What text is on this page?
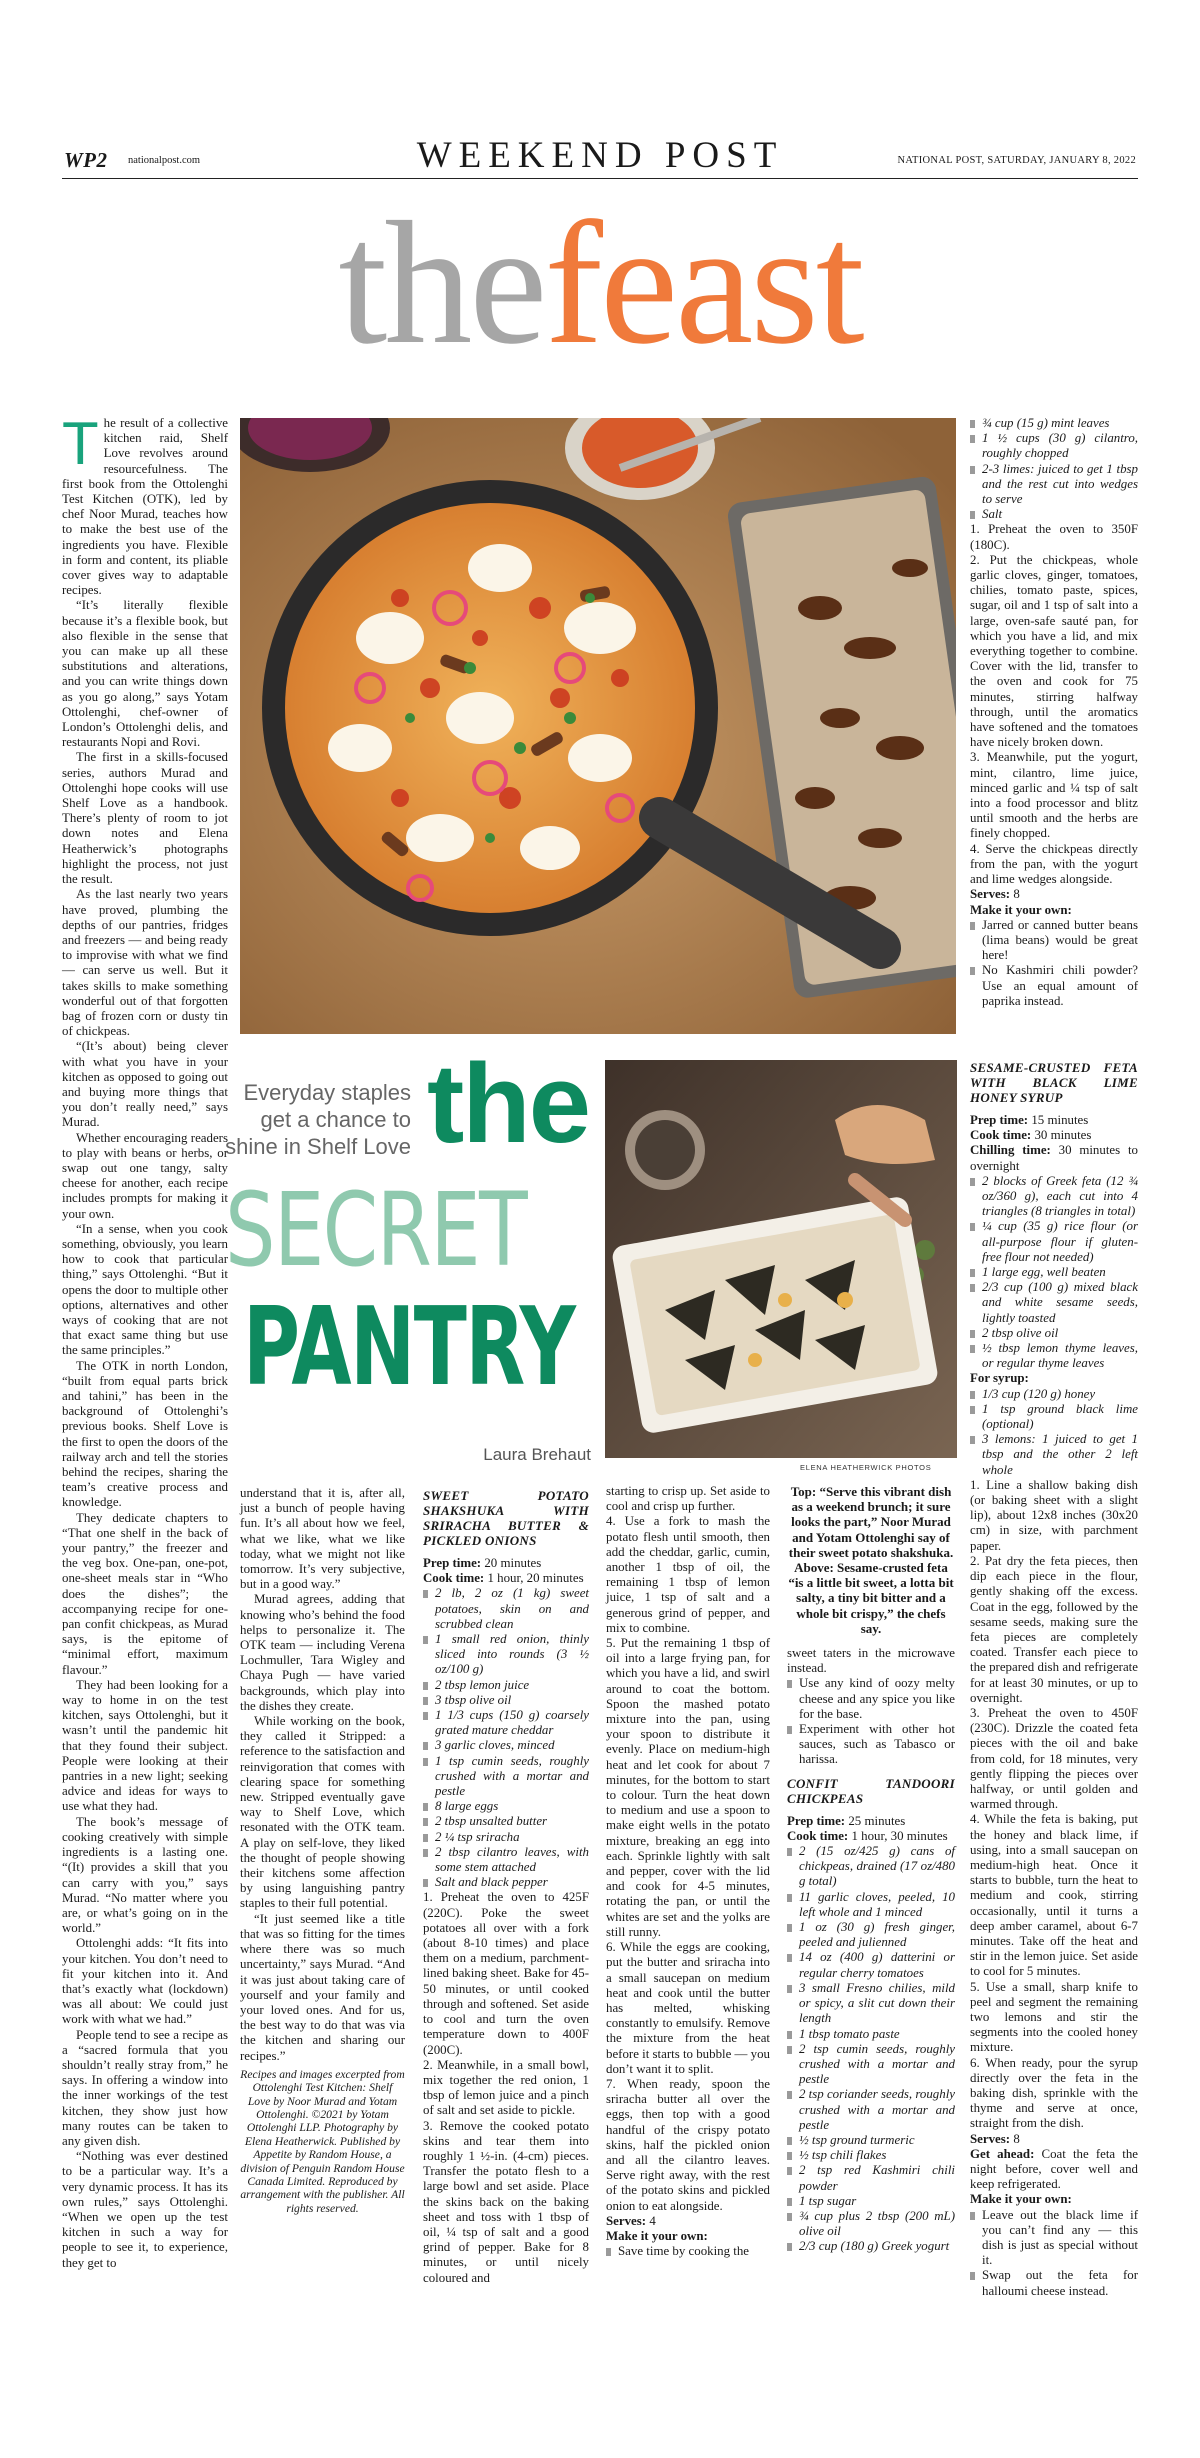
WP2 nationalpost.com	WEEKEND POST	NATIONAL POST, SATURDAY, JANUARY 8, 2022
thefeast

The result of a collective kitchen raid, Shelf Love revolves around resourcefulness. The first book from the Ottolenghi Test Kitchen (OTK), led by chef Noor Murad, teaches how to make the best use of the ingredients you have. Flexible in form and content, its pliable cover gives way to adaptable recipes.

“It’s literally flexible because it’s a flexible book, but also flexible in the sense that you can make up all these substitutions and alterations, and you can write things down as you go along,” says Yotam Ottolenghi, chef-owner of London’s Ottolenghi delis, and restaurants Nopi and Rovi.

The first in a skills-focused series, authors Murad and Ottolenghi hope cooks will use Shelf Love as a handbook. There’s plenty of room to jot down notes and Elena Heatherwick’s photographs highlight the process, not just the result.

As the last nearly two years have proved, plumbing the depths of our pantries, fridges and freezers — and being ready to improvise with what we find — can serve us well. But it takes skills to make something wonderful out of that forgotten bag of frozen corn or dusty tin of chickpeas.

“(It’s about) being clever with what you have in your kitchen as opposed to going out and buying more things that you don’t really need,” says Murad.

Whether encouraging readers to play with beans or herbs, or swap out one tangy, salty cheese for another, each recipe includes prompts for making it your own.

“In a sense, when you cook something, obviously, you learn how to cook that particular thing,” says Ottolenghi. “But it opens the door to multiple other options, alternatives and other ways of cooking that are not that exact same thing but use the same principles.”

The OTK in north London, “built from equal parts brick and tahini,” has been in the background of Ottolenghi’s previous books. Shelf Love is the first to open the doors of the railway arch and tell the stories behind the recipes, sharing the team’s creative process and knowledge.

They dedicate chapters to “That one shelf in the back of your pantry,” the freezer and the veg box. One-pan, one-pot, one-sheet meals star in “Who does the dishes”; the accompanying recipe for one-pan confit chickpeas, as Murad says, is the epitome of “minimal effort, maximum flavour.”

They had been looking for a way to home in on the test kitchen, says Ottolenghi, but it wasn’t until the pandemic hit that they found their subject. People were looking at their pantries in a new light; seeking advice and ideas for ways to use what they had.

The book’s message of cooking creatively with simple ingredients is a lasting one. “(It) provides a skill that you can carry with you,” says Murad. “No matter where you are, or what’s going on in the world.”

Ottolenghi adds: “It fits into your kitchen. You don’t need to fit your kitchen into it. And that’s exactly what (lockdown) was all about: We could just work with what we had.”

People tend to see a recipe as a “sacred formula that you shouldn’t really stray from,” he says. In offering a window into the inner workings of the test kitchen, they show just how many routes can be taken to any given dish.

“Nothing was ever destined to be a particular way. It’s a very dynamic process. It has its own rules,” says Ottolenghi. “When we open up the test kitchen in such a way for people to see it, to experience, they get to

Everyday staples
get a chance to
shine in Shelf Love the
SECRET
PANTRY
Laura Brehaut
ELENA HEATHERWICK PHOTOS

understand that it is, after all, just a bunch of people having fun. It’s all about how we feel, what we like, what we like today, what we might not like tomorrow. It’s very subjective, but in a good way.”

Murad agrees, adding that knowing who’s behind the food helps to personalize it. The OTK team — including Verena Lochmuller, Tara Wigley and Chaya Pugh — have varied backgrounds, which play into the dishes they create.

While working on the book, they called it Stripped: a reference to the satisfaction and reinvigoration that comes with clearing space for something new. Stripped eventually gave way to Shelf Love, which resonated with the OTK team. A play on self-love, they liked the thought of people showing their kitchens some affection by using languishing pantry staples to their full potential.

“It just seemed like a title that was so fitting for the times where there was so much uncertainty,” says Murad. “And it was just about taking care of yourself and your family and your loved ones. And for us, the best way to do that was via the kitchen and sharing our recipes.”

Recipes and images excerpted from Ottolenghi Test Kitchen: Shelf Love by Noor Murad and Yotam Ottolenghi. ©2021 by Yotam Ottolenghi LLP. Photography by Elena Heatherwick. Published by Appetite by Random House, a division of Penguin Random House Canada Limited. Reproduced by arrangement with the publisher. All rights reserved.
SWEET POTATO SHAKSHUKA WITH SRIRACHA BUTTER & PICKLED ONIONS

Prep time: 20 minutes

Cook time: 1 hour, 20 minutes

2 lb, 2 oz (1 kg) sweet potatoes, skin on and scrubbed clean

1 small red onion, thinly sliced into rounds (3 ½ oz/100 g)

2 tbsp lemon juice

3 tbsp olive oil

1 1/3 cups (150 g) coarsely grated mature cheddar

3 garlic cloves, minced

1 tsp cumin seeds, roughly crushed with a mortar and pestle

8 large eggs

2 tbsp unsalted butter

2 ¼ tsp sriracha

2 tbsp cilantro leaves, with some stem attached

Salt and black pepper

1. Preheat the oven to 425F (220C). Poke the sweet potatoes all over with a fork (about 8-10 times) and place them on a medium, parchment-lined baking sheet. Bake for 45-50 minutes, or until cooked through and softened. Set aside to cool and turn the oven temperature down to 400F (200C).

2. Meanwhile, in a small bowl, mix together the red onion, 1 tbsp of lemon juice and a pinch of salt and set aside to pickle.

3. Remove the cooked potato skins and tear them into roughly 1 ½-in. (4-cm) pieces. Transfer the potato flesh to a large bowl and set aside. Place the skins back on the baking sheet and toss with 1 tbsp of oil, ¼ tsp of salt and a good grind of pepper. Bake for 8 minutes, or until nicely coloured and

starting to crisp up. Set aside to cool and crisp up further.

4. Use a fork to mash the potato flesh until smooth, then add the cheddar, garlic, cumin, another 1 tbsp of oil, the remaining 1 tbsp of lemon juice, 1 tsp of salt and a generous grind of pepper, and mix to combine.

5. Put the remaining 1 tbsp of oil into a large frying pan, for which you have a lid, and swirl around to coat the bottom. Spoon the mashed potato mixture into the pan, using your spoon to distribute it evenly. Place on medium-high heat and let cook for about 7 minutes, for the bottom to start to colour. Turn the heat down to medium and use a spoon to make eight wells in the potato mixture, breaking an egg into each. Sprinkle lightly with salt and pepper, cover with the lid and cook for 4-5 minutes, rotating the pan, or until the whites are set and the yolks are still runny.

6. While the eggs are cooking, put the butter and sriracha into a small saucepan on medium heat and cook until the butter has melted, whisking constantly to emulsify. Remove the mixture from the heat before it starts to bubble — you don’t want it to split.

7. When ready, spoon the sriracha butter all over the eggs, then top with a good handful of the crispy potato skins, half the pickled onion and all the cilantro leaves. Serve right away, with the rest of the potato skins and pickled onion to eat alongside.

Serves: 4

Make it your own:

Save time by cooking the

Top: “Serve this vibrant dish as a weekend brunch; it sure looks the part,” Noor Murad and Yotam Ottolenghi say of their sweet potato shakshuka. Above: Sesame-crusted feta “is a little bit sweet, a lotta bit salty, a tiny bit bitter and a whole bit crispy,” the chefs say.

sweet taters in the microwave instead.

Use any kind of oozy melty cheese and any spice you like for the base.

Experiment with other hot sauces, such as Tabasco or harissa.

CONFIT TANDOORI CHICKPEAS

Prep time: 25 minutes

Cook time: 1 hour, 30 minutes

2 (15 oz/425 g) cans of chickpeas, drained (17 oz/480 g total)

11 garlic cloves, peeled, 10 left whole and 1 minced

1 oz (30 g) fresh ginger, peeled and julienned

14 oz (400 g) datterini or regular cherry tomatoes

3 small Fresno chilies, mild or spicy, a slit cut down their length

1 tbsp tomato paste

2 tsp cumin seeds, roughly crushed with a mortar and pestle

2 tsp coriander seeds, roughly crushed with a mortar and pestle

½ tsp ground turmeric

½ tsp chili flakes

2 tsp red Kashmiri chili powder

1 tsp sugar

¾ cup plus 2 tbsp (200 mL) olive oil

2/3 cup (180 g) Greek yogurt

¾ cup (15 g) mint leaves

1 ½ cups (30 g) cilantro, roughly chopped

2-3 limes: juiced to get 1 tbsp and the rest cut into wedges to serve

Salt

1. Preheat the oven to 350F (180C).

2. Put the chickpeas, whole garlic cloves, ginger, tomatoes, chilies, tomato paste, spices, sugar, oil and 1 tsp of salt into a large, oven-safe sauté pan, for which you have a lid, and mix everything together to combine. Cover with the lid, transfer to the oven and cook for 75 minutes, stirring halfway through, until the aromatics have softened and the tomatoes have nicely broken down.

3. Meanwhile, put the yogurt, mint, cilantro, lime juice, minced garlic and ¼ tsp of salt into a food processor and blitz until smooth and the herbs are finely chopped.

4. Serve the chickpeas directly from the pan, with the yogurt and lime wedges alongside.

Serves: 8

Make it your own:

Jarred or canned butter beans (lima beans) would be great here!

No Kashmiri chili powder? Use an equal amount of paprika instead.

SESAME-CRUSTED FETA WITH BLACK LIME HONEY SYRUP

Prep time: 15 minutes

Cook time: 30 minutes

Chilling time: 30 minutes to overnight

2 blocks of Greek feta (12 ¾ oz/360 g), each cut into 4 triangles (8 triangles in total)

¼ cup (35 g) rice flour (or all-purpose flour if gluten-free flour not needed)

1 large egg, well beaten

2/3 cup (100 g) mixed black and white sesame seeds, lightly toasted

2 tbsp olive oil

½ tbsp lemon thyme leaves, or regular thyme leaves

For syrup:

1/3 cup (120 g) honey

1 tsp ground black lime (optional)

3 lemons: 1 juiced to get 1 tbsp and the other 2 left whole

1. Line a shallow baking dish (or baking sheet with a slight lip), about 12x8 inches (30x20 cm) in size, with parchment paper.

2. Pat dry the feta pieces, then dip each piece in the flour, gently shaking off the excess. Coat in the egg, followed by the sesame seeds, making sure the feta pieces are completely coated. Transfer each piece to the prepared dish and refrigerate for at least 30 minutes, or up to overnight.

3. Preheat the oven to 450F (230C). Drizzle the coated feta pieces with the oil and bake from cold, for 18 minutes, very gently flipping the pieces over halfway, or until golden and warmed through.

4. While the feta is baking, put the honey and black lime, if using, into a small saucepan on medium-high heat. Once it starts to bubble, turn the heat to medium and cook, stirring occasionally, until it turns a deep amber caramel, about 6-7 minutes. Take off the heat and stir in the lemon juice. Set aside to cool for 5 minutes.

5. Use a small, sharp knife to peel and segment the remaining two lemons and stir the segments into the cooled honey mixture.

6. When ready, pour the syrup directly over the feta in the baking dish, sprinkle with the thyme and serve at once, straight from the dish.

Serves: 8

Get ahead: Coat the feta the night before, cover well and keep refrigerated.

Make it your own:

Leave out the black lime if you can’t find any — this dish is just as special without it.

Swap out the feta for halloumi cheese instead.
